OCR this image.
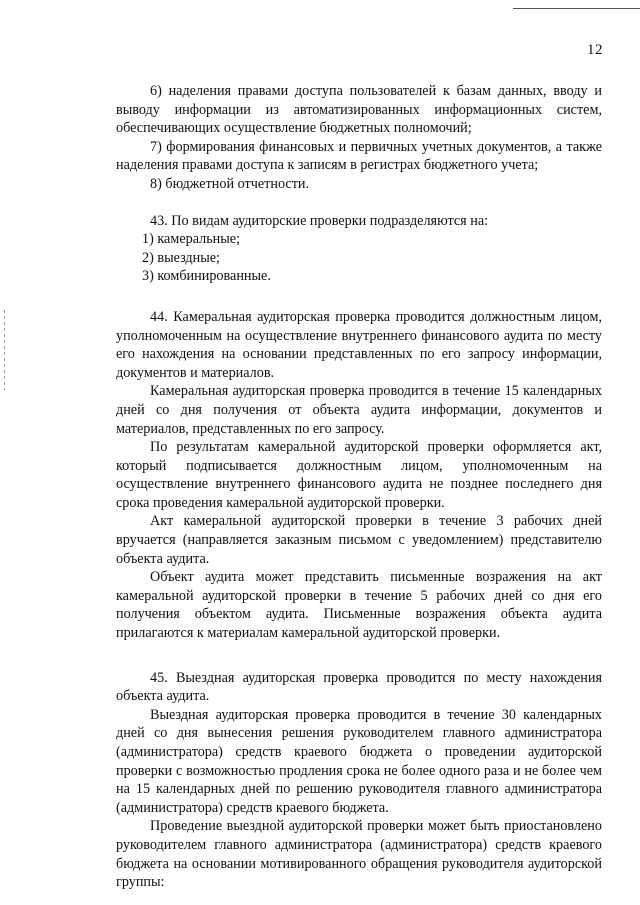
12

6) наделения правами доступа пользователей к базам данных, вводу и выводу информации из автоматизированных информационных систем, обеспечивающих осуществление бюджетных полномочий;

7) формирования финансовых и первичных учетных документов, а также наделения правами доступа к записям в регистрах бюджетного учета;

8) бюджетной отчетности.

43. По видам аудиторские проверки подразделяются на:

1) камеральные;

2) выездные;

3) комбинированные.

44. Камеральная аудиторская проверка проводится должностным лицом, уполномоченным на осуществление внутреннего финансового аудита по месту его нахождения на основании представленных по его запросу информации, документов и материалов.

Камеральная аудиторская проверка проводится в течение 15 календарных дней со дня получения от объекта аудита информации, документов и материалов, представленных по его запросу.

По результатам камеральной аудиторской проверки оформляется акт, который подписывается должностным лицом, уполномоченным на осуществление внутреннего финансового аудита не позднее последнего дня срока проведения камеральной аудиторской проверки.

Акт камеральной аудиторской проверки в течение 3 рабочих дней вручается (направляется заказным письмом с уведомлением) представителю объекта аудита.

Объект аудита может представить письменные возражения на акт камеральной аудиторской проверки в течение 5 рабочих дней со дня его получения объектом аудита. Письменные возражения объекта аудита прилагаются к материалам камеральной аудиторской проверки.

45. Выездная аудиторская проверка проводится по месту нахождения объекта аудита.

Выездная аудиторская проверка проводится в течение 30 календарных дней со дня вынесения решения руководителем главного администратора (администратора) средств краевого бюджета о проведении аудиторской проверки с возможностью продления срока не более одного раза и не более чем на 15 календарных дней по решению руководителя главного администратора (администратора) средств краевого бюджета.

Проведение выездной аудиторской проверки может быть приостановлено руководителем главного администратора (администратора) средств краевого бюджета на основании мотивированного обращения руководителя аудиторской группы:
